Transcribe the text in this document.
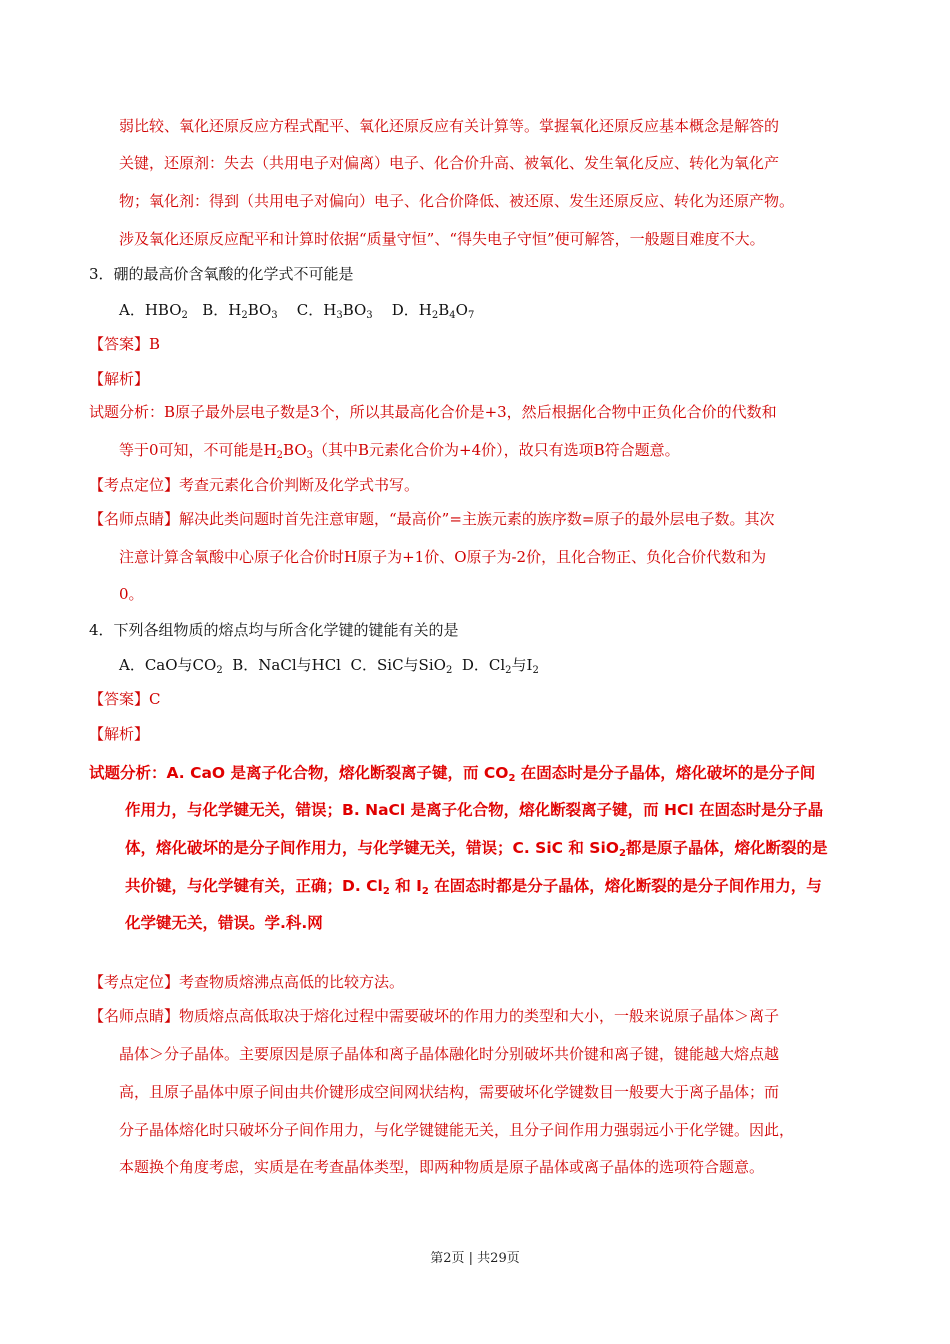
弱比较、氧化还原反应方程式配平、氧化还原反应有关计算等。掌握氧化还原反应基本概念是解答的
关键，还原剂：失去（共用电子对偏离）电子、化合价升高、被氧化、发生氧化反应、转化为氧化产
物；氧化剂：得到（共用电子对偏向）电子、化合价降低、被还原、发生还原反应、转化为还原产物。
涉及氧化还原反应配平和计算时依据“质量守恒”、“得失电子守恒”便可解答，一般题目难度不大。
3．硼的最高价含氧酸的化学式不可能是
A．$HBO_2$ B．$H_2BO_3$ C．$H_3BO_3$ D．$H_2B_4O_7$
【答案】B
【解析】
试题分析：B原子最外层电子数是3个，所以其最高化合价是+3，然后根据化合物中正负化合价的代数和
等于0可知，不可能是$H_2BO_3$（其中B元素化合价为+4价），故只有选项B符合题意。
【考点定位】考查元素化合价判断及化学式书写。
【名师点睛】解决此类问题时首先注意审题，“最高价”=主族元素的族序数=原子的最外层电子数。其次
注意计算含氧酸中心原子化合价时H原子为+1价、O原子为-2价，且化合物正、负化合价代数和为
0。
4．下列各组物质的熔点均与所含化学键的键能有关的是
A．CaO与$CO_2$ B．NaCl与HCl C．SiC与SiO$_2$ D．$Cl_2$与$I_2$
【答案】C
【解析】
试题分析：A. CaO 是离子化合物，熔化断裂离子键，而 $CO_2$ 在固态时是分子晶体，熔化破坏的是分子间
作用力，与化学键无关，错误；B. NaCl 是离子化合物，熔化断裂离子键，而 HCl 在固态时是分子晶
体，熔化破坏的是分子间作用力，与化学键无关，错误；C. SiC 和 SiO$_2$都是原子晶体，熔化断裂的是
共价键，与化学键有关，正确；D. $Cl_2$ 和 $I_2$ 在固态时都是分子晶体，熔化断裂的是分子间作用力，与
化学键无关，错误。学.科.网
【考点定位】考查物质熔沸点高低的比较方法。
【名师点睛】物质熔点高低取决于熔化过程中需要破坏的作用力的类型和大小，一般来说原子晶体＞离子
晶体＞分子晶体。主要原因是原子晶体和离子晶体融化时分别破坏共价键和离子键，键能越大熔点越
高，且原子晶体中原子间由共价键形成空间网状结构，需要破坏化学键数目一般要大于离子晶体；而
分子晶体熔化时只破坏分子间作用力，与化学键键能无关，且分子间作用力强弱远小于化学键。因此，
本题换个角度考虑，实质是在考查晶体类型，即两种物质是原子晶体或离子晶体的选项符合题意。
第2页 | 共29页
